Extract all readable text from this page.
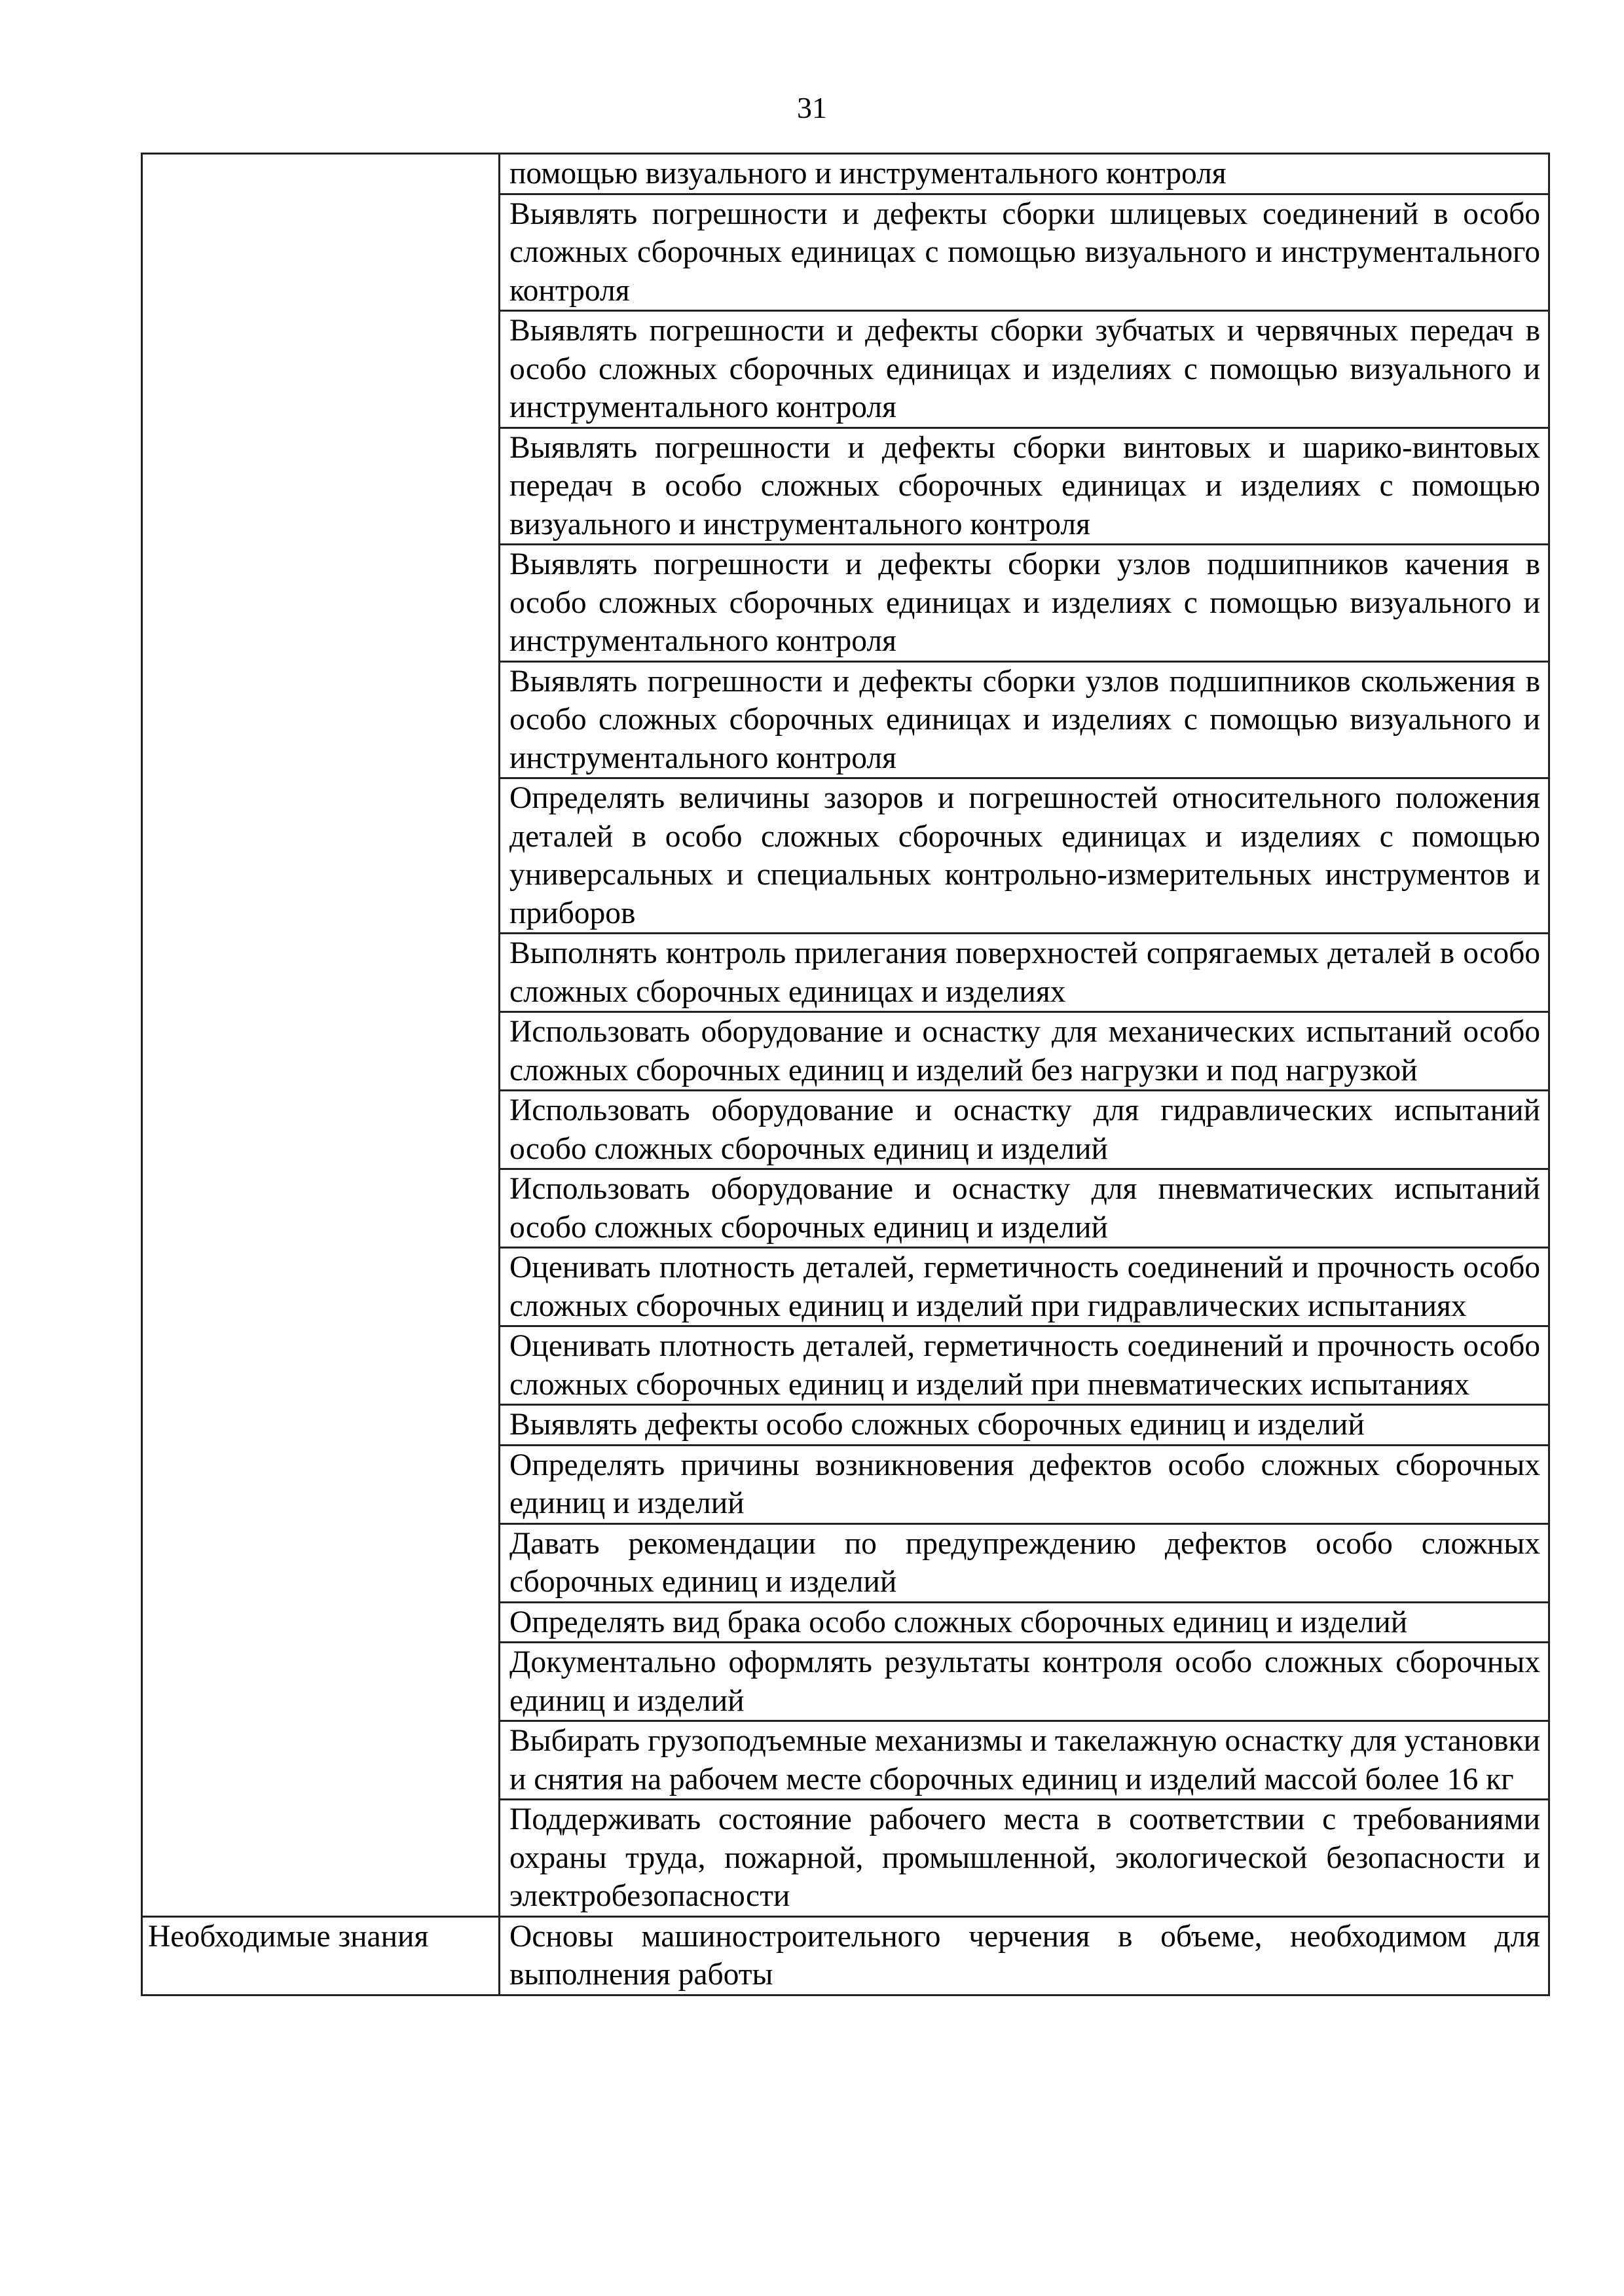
31
	помощью визуального и инструментального контроля
	Выявлять погрешности и дефекты сборки шлицевых соединений в особо сложных сборочных единицах с помощью визуального и инструментального контроля
	Выявлять погрешности и дефекты сборки зубчатых и червячных передач в особо сложных сборочных единицах и изделиях с помощью визуального и инструментального контроля
	Выявлять погрешности и дефекты сборки винтовых и шарико-винтовых передач в особо сложных сборочных единицах и изделиях с помощью визуального и инструментального контроля
	Выявлять погрешности и дефекты сборки узлов подшипников качения в особо сложных сборочных единицах и изделиях с помощью визуального и инструментального контроля
	Выявлять погрешности и дефекты сборки узлов подшипников скольжения в особо сложных сборочных единицах и изделиях с помощью визуального и инструментального контроля
	Определять величины зазоров и погрешностей относительного положения деталей в особо сложных сборочных единицах и изделиях с помощью универсальных и специальных контрольно-измерительных инструментов и приборов
	Выполнять контроль прилегания поверхностей сопрягаемых деталей в особо сложных сборочных единицах и изделиях
	Использовать оборудование и оснастку для механических испытаний особо сложных сборочных единиц и изделий без нагрузки и под нагрузкой
	Использовать оборудование и оснастку для гидравлических испытаний особо сложных сборочных единиц и изделий
	Использовать оборудование и оснастку для пневматических испытаний особо сложных сборочных единиц и изделий
	Оценивать плотность деталей, герметичность соединений и прочность особо сложных сборочных единиц и изделий при гидравлических испытаниях
	Оценивать плотность деталей, герметичность соединений и прочность особо сложных сборочных единиц и изделий при пневматических испытаниях
	Выявлять дефекты особо сложных сборочных единиц и изделий
	Определять причины возникновения дефектов особо сложных сборочных единиц и изделий
	Давать рекомендации по предупреждению дефектов особо сложных сборочных единиц и изделий
	Определять вид брака особо сложных сборочных единиц и изделий
	Документально оформлять результаты контроля особо сложных сборочных единиц и изделий
	Выбирать грузоподъемные механизмы и такелажную оснастку для установки и снятия на рабочем месте сборочных единиц и изделий массой более 16 кг
	Поддерживать состояние рабочего места в соответствии с требованиями охраны труда, пожарной, промышленной, экологической безопасности и электробезопасности
Необходимые знания	Основы машиностроительного черчения в объеме, необходимом для выполнения работы
